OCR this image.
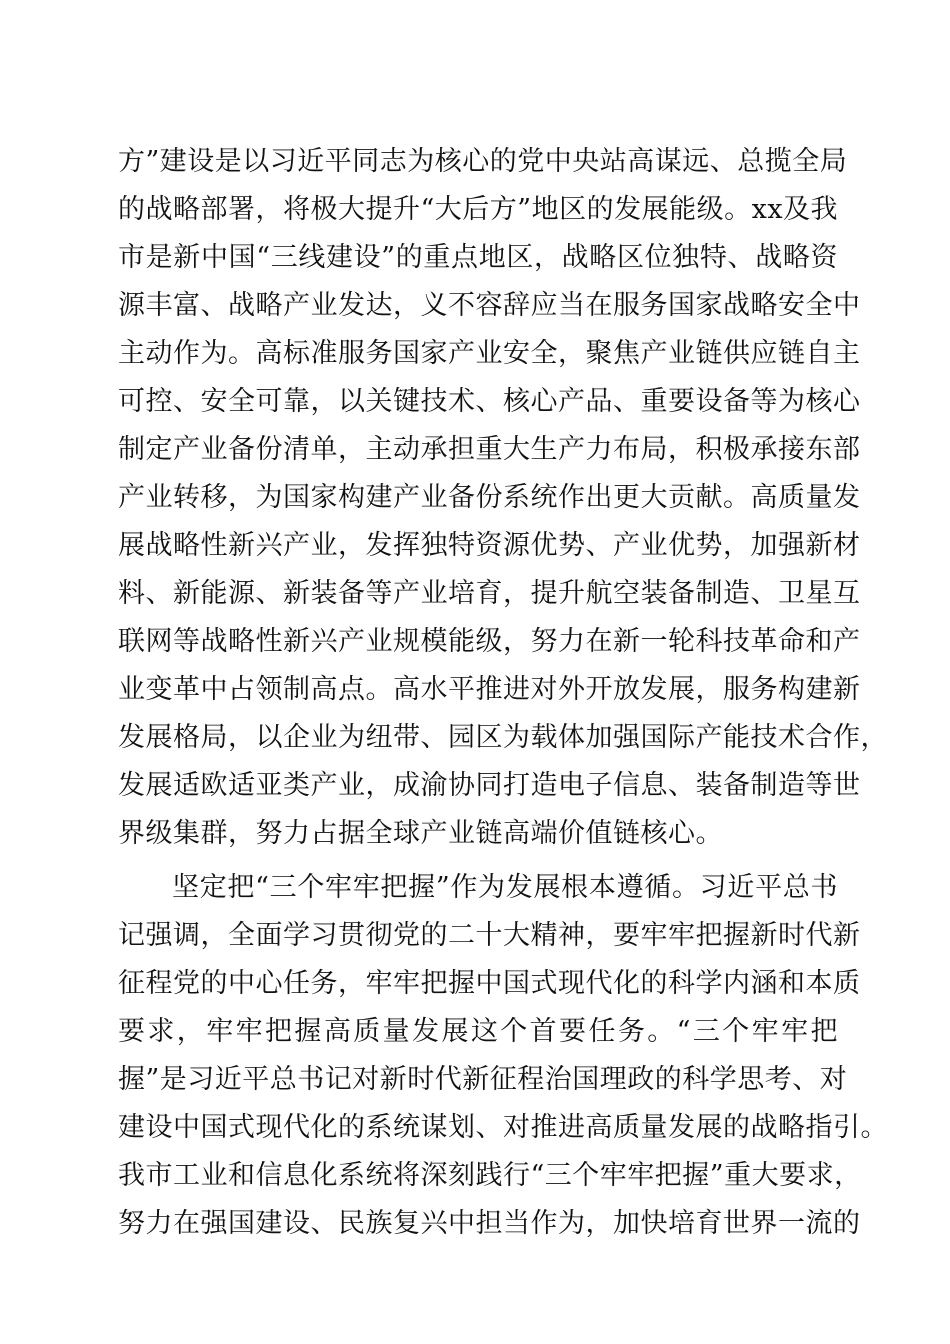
方”建设是以习近平同志为核心的党中央站高谋远、总揽全局
的战略部署，将极大提升“大后方”地区的发展能级。xx及我
市是新中国“三线建设”的重点地区，战略区位独特、战略资
源丰富、战略产业发达，义不容辞应当在服务国家战略安全中
主动作为。高标准服务国家产业安全，聚焦产业链供应链自主
可控、安全可靠，以关键技术、核心产品、重要设备等为核心
制定产业备份清单，主动承担重大生产力布局，积极承接东部
产业转移，为国家构建产业备份系统作出更大贡献。高质量发
展战略性新兴产业，发挥独特资源优势、产业优势，加强新材
料、新能源、新装备等产业培育，提升航空装备制造、卫星互
联网等战略性新兴产业规模能级，努力在新一轮科技革命和产
业变革中占领制高点。高水平推进对外开放发展，服务构建新
发展格局，以企业为纽带、园区为载体加强国际产能技术合作，
发展适欧适亚类产业，成渝协同打造电子信息、装备制造等世
界级集群，努力占据全球产业链高端价值链核心。
坚定把“三个牢牢把握”作为发展根本遵循。习近平总书
记强调，全面学习贯彻党的二十大精神，要牢牢把握新时代新
征程党的中心任务，牢牢把握中国式现代化的科学内涵和本质
要求，牢牢把握高质量发展这个首要任务。“三个牢牢把
握”是习近平总书记对新时代新征程治国理政的科学思考、对
建设中国式现代化的系统谋划、对推进高质量发展的战略指引。
我市工业和信息化系统将深刻践行“三个牢牢把握”重大要求，
努力在强国建设、民族复兴中担当作为，加快培育世界一流的
